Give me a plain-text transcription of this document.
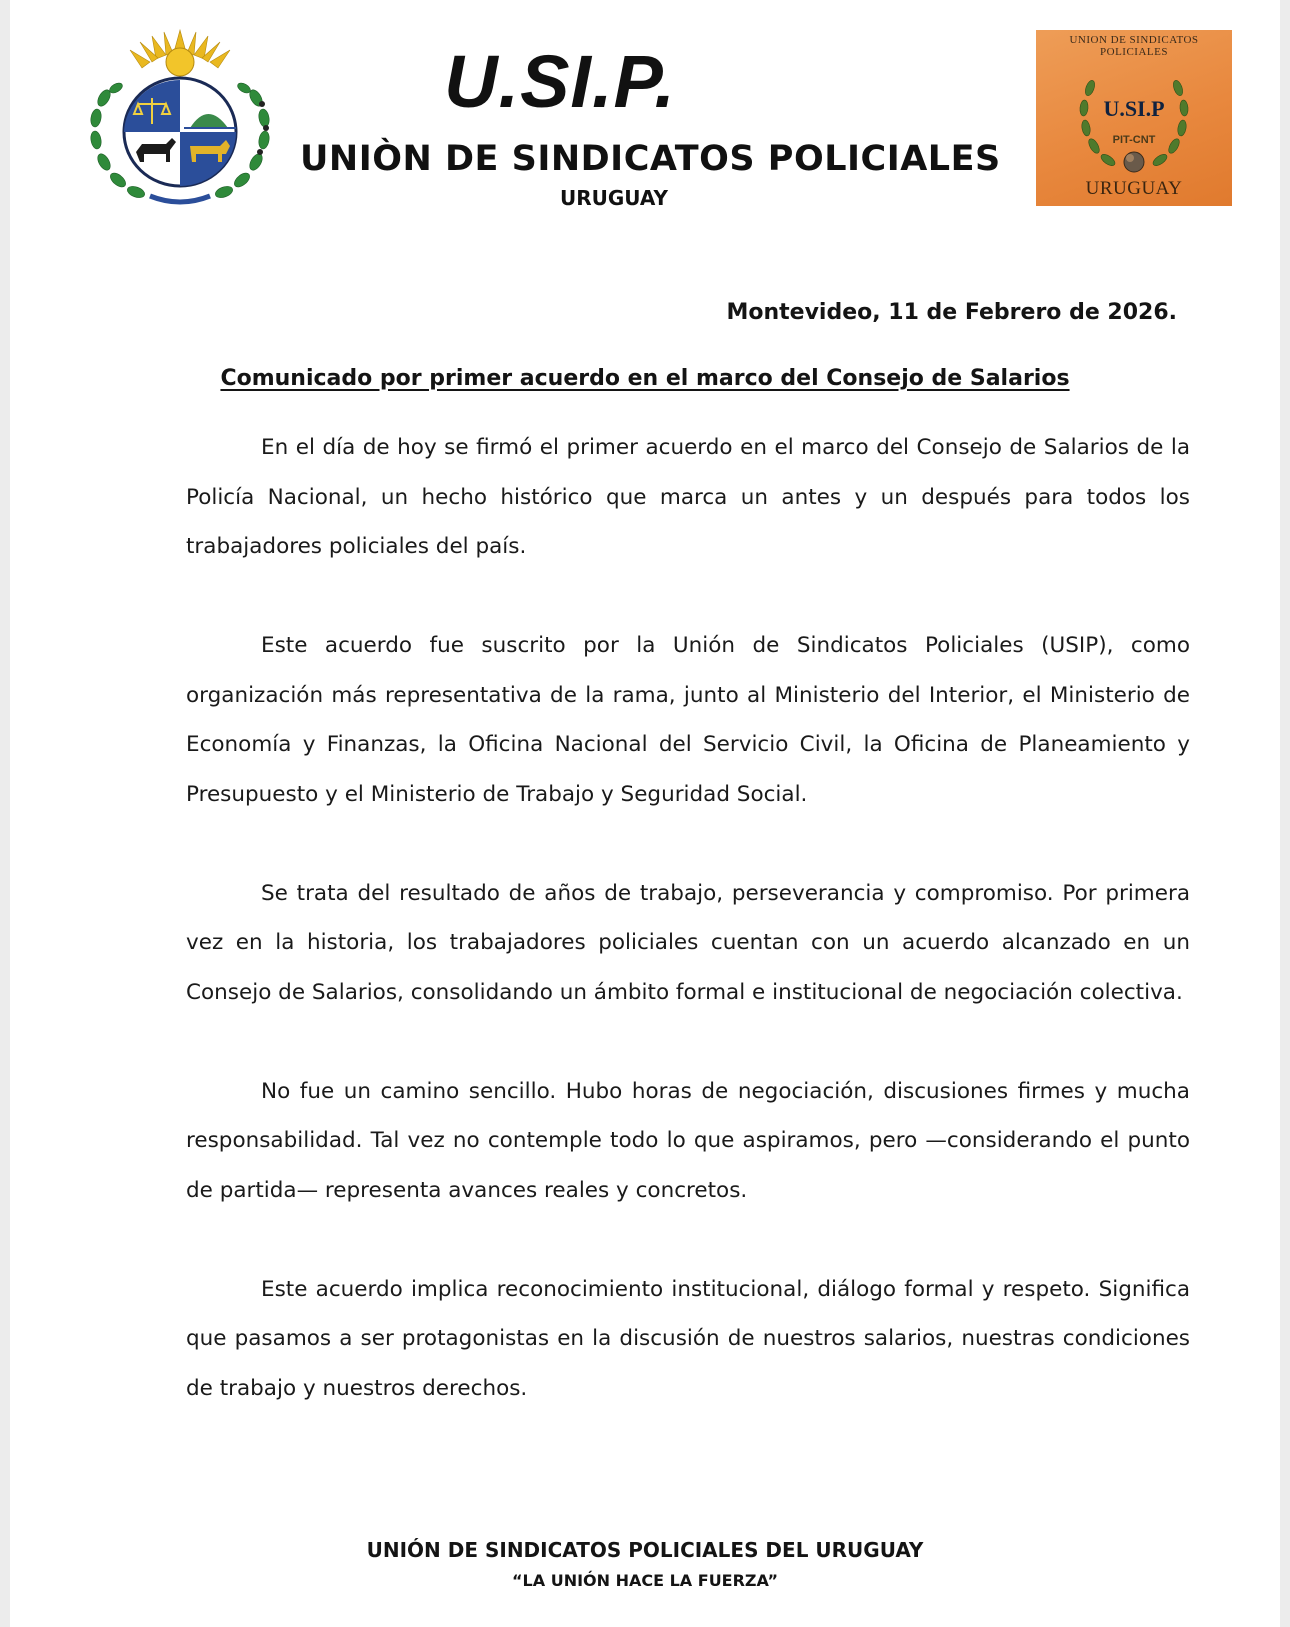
U.SI.P.
UNIÒN DE SINDICATOS POLICIALES
URUGUAY
UNION DE SINDICATOS POLICIALES
U.SI.P
PIT-CNT
URUGUAY
Montevideo, 11 de Febrero de 2026.
Comunicado por primer acuerdo en el marco del Consejo de Salarios

En el día de hoy se firmó el primer acuerdo en el marco del Consejo de Salarios de la Policía Nacional, un hecho histórico que marca un antes y un después para todos los trabajadores policiales del país.

Este acuerdo fue suscrito por la Unión de Sindicatos Policiales (USIP), como organización más representativa de la rama, junto al Ministerio del Interior, el Ministerio de Economía y Finanzas, la Oficina Nacional del Servicio Civil, la Oficina de Planeamiento y Presupuesto y el Ministerio de Trabajo y Seguridad Social.

Se trata del resultado de años de trabajo, perseverancia y compromiso. Por primera vez en la historia, los trabajadores policiales cuentan con un acuerdo alcanzado en un Consejo de Salarios, consolidando un ámbito formal e institucional de negociación colectiva.

No fue un camino sencillo. Hubo horas de negociación, discusiones firmes y mucha responsabilidad. Tal vez no contemple todo lo que aspiramos, pero —considerando el punto de partida— representa avances reales y concretos.

Este acuerdo implica reconocimiento institucional, diálogo formal y respeto. Significa que pasamos a ser protagonistas en la discusión de nuestros salarios, nuestras condiciones de trabajo y nuestros derechos.

UNIÓN DE SINDICATOS POLICIALES DEL URUGUAY
“LA UNIÓN HACE LA FUERZA”
